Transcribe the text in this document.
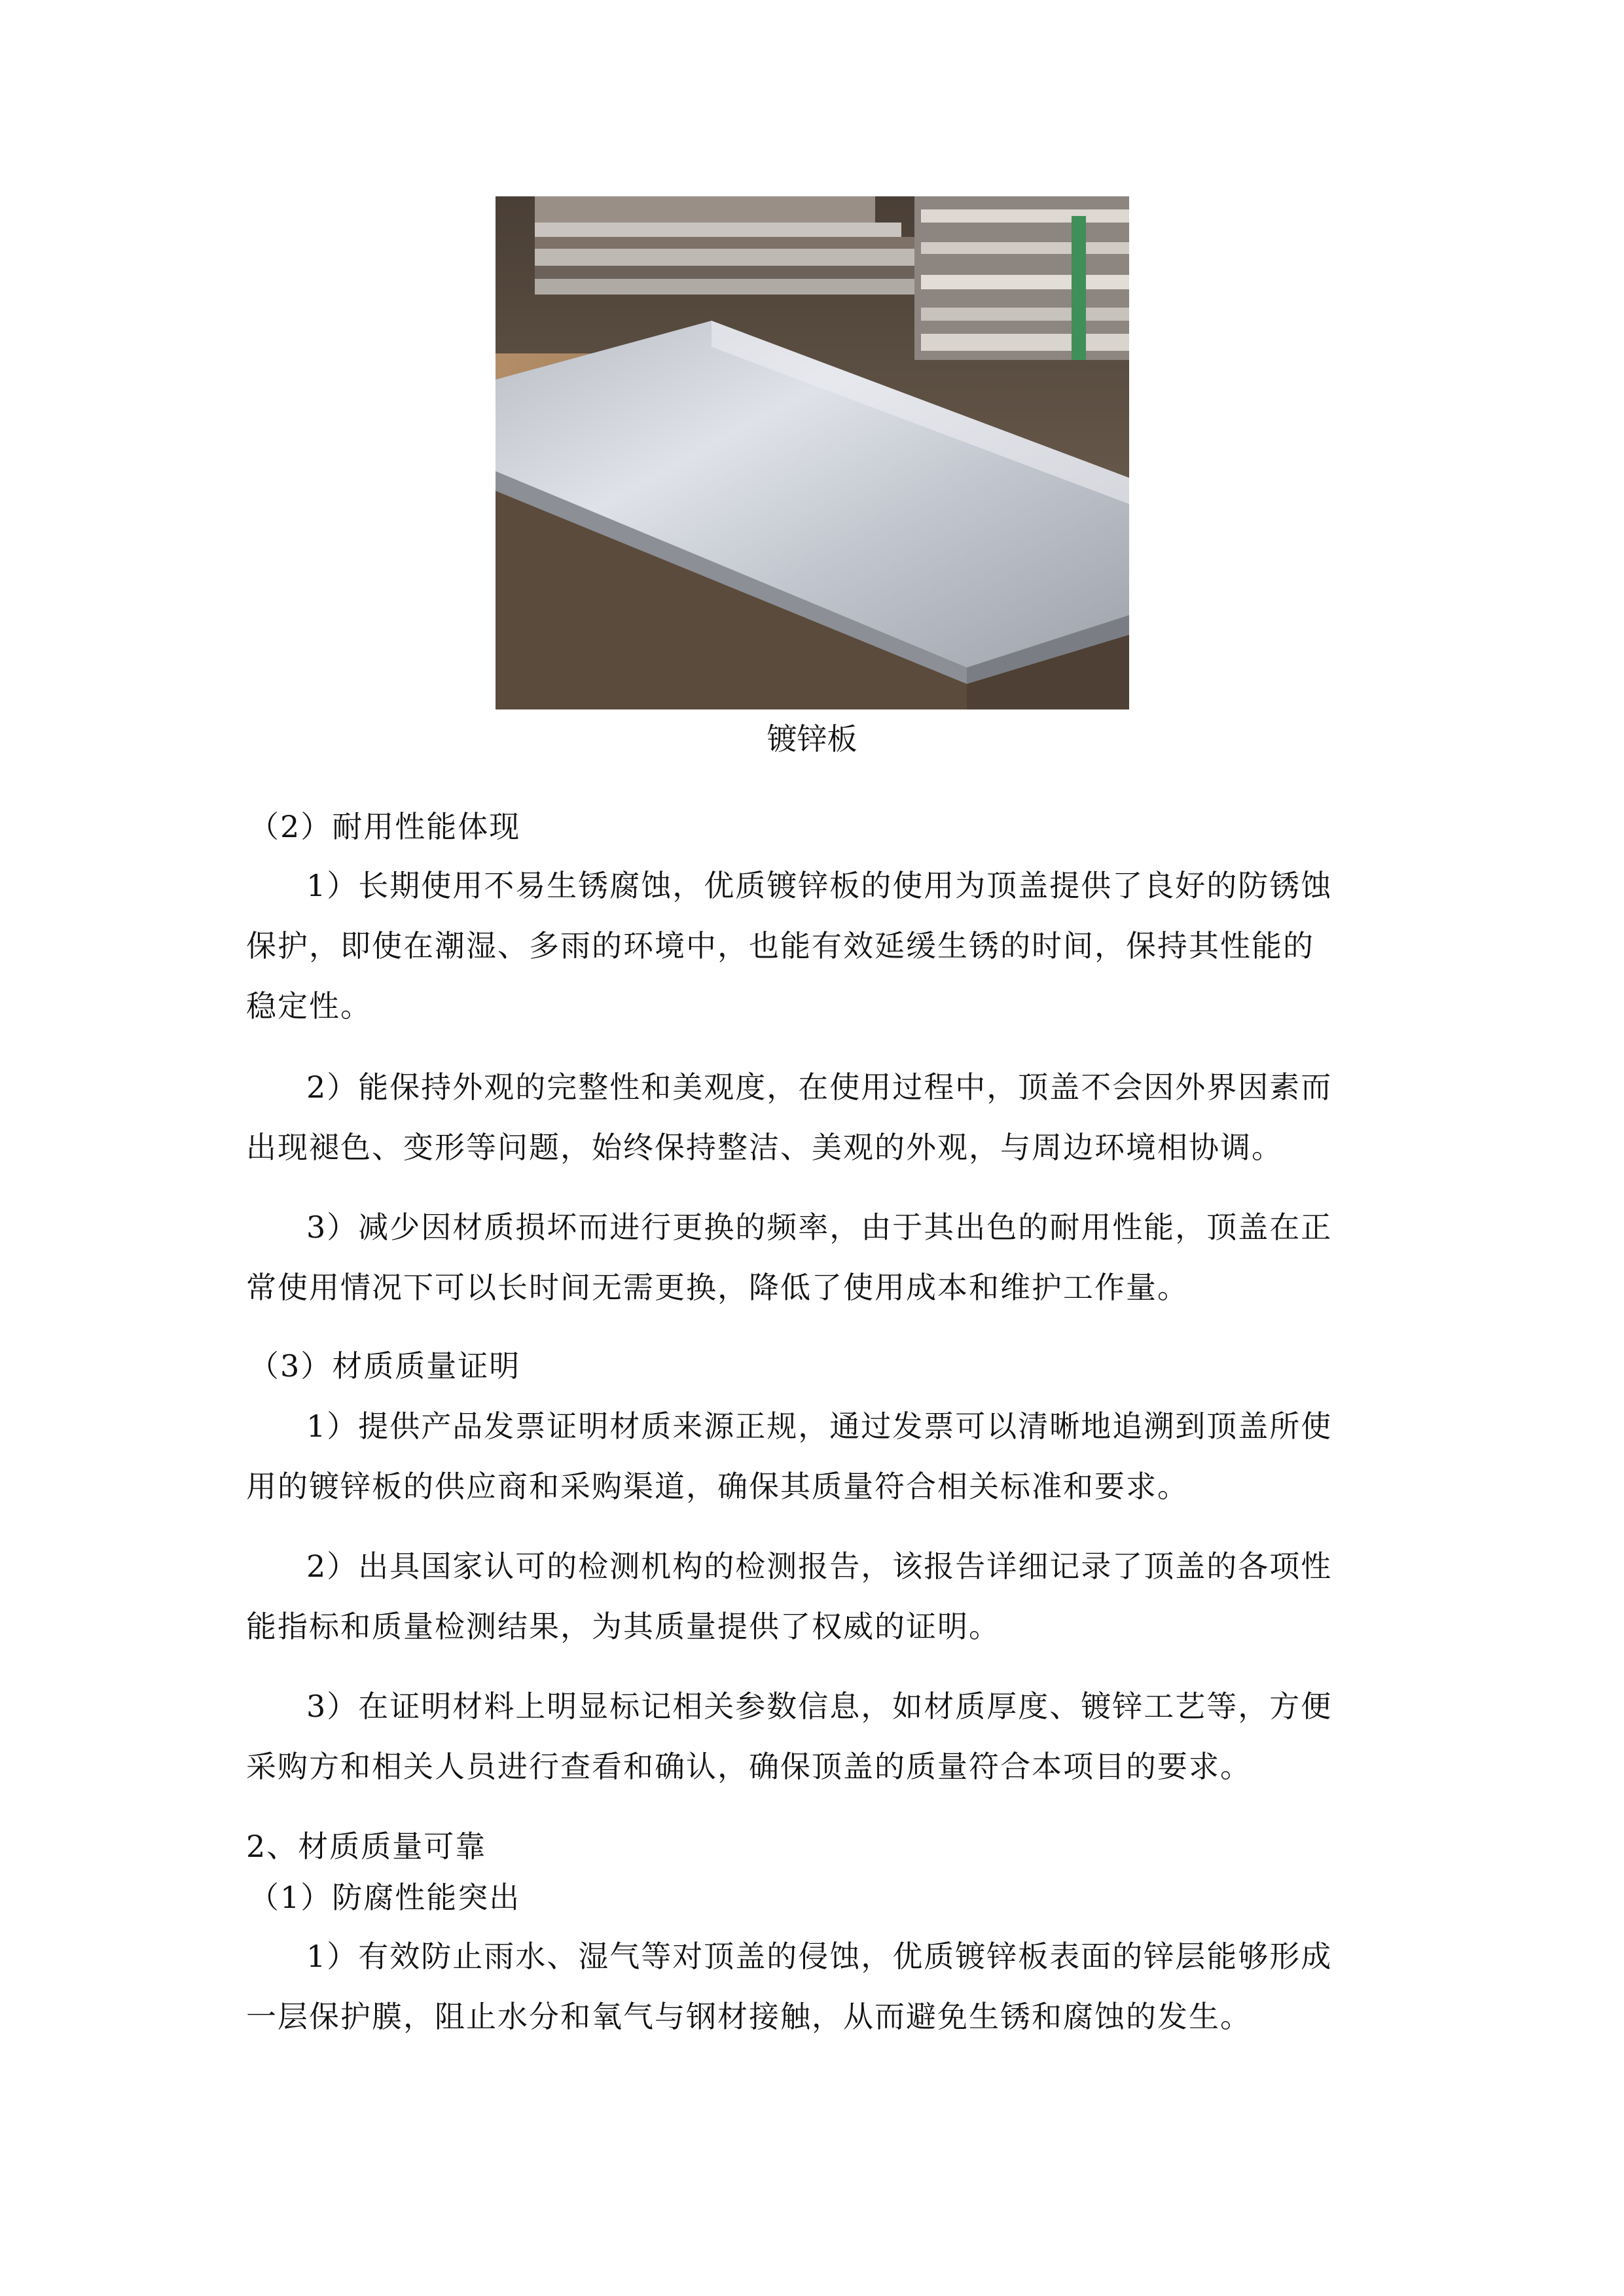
镀锌板
（2）耐用性能体现
1）长期使用不易生锈腐蚀，优质镀锌板的使用为顶盖提供了良好的防锈蚀
保护，即使在潮湿、多雨的环境中，也能有效延缓生锈的时间，保持其性能的
稳定性。
2）能保持外观的完整性和美观度，在使用过程中，顶盖不会因外界因素而
出现褪色、变形等问题，始终保持整洁、美观的外观，与周边环境相协调。
3）减少因材质损坏而进行更换的频率，由于其出色的耐用性能，顶盖在正
常使用情况下可以长时间无需更换，降低了使用成本和维护工作量。
（3）材质质量证明
1）提供产品发票证明材质来源正规，通过发票可以清晰地追溯到顶盖所使
用的镀锌板的供应商和采购渠道，确保其质量符合相关标准和要求。
2）出具国家认可的检测机构的检测报告，该报告详细记录了顶盖的各项性
能指标和质量检测结果，为其质量提供了权威的证明。
3）在证明材料上明显标记相关参数信息，如材质厚度、镀锌工艺等，方便
采购方和相关人员进行查看和确认，确保顶盖的质量符合本项目的要求。
2、材质质量可靠
（1）防腐性能突出
1）有效防止雨水、湿气等对顶盖的侵蚀，优质镀锌板表面的锌层能够形成
一层保护膜，阻止水分和氧气与钢材接触，从而避免生锈和腐蚀的发生。
